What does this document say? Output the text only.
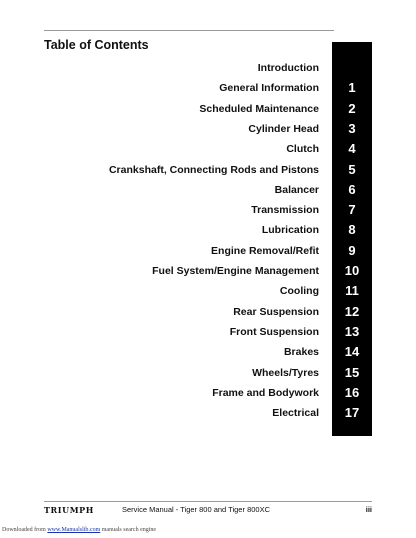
Table of Contents
Introduction
General Information	1
Scheduled Maintenance	2
Cylinder Head	3
Clutch	4
Crankshaft, Connecting Rods and Pistons	5
Balancer	6
Transmission	7
Lubrication	8
Engine Removal/Refit	9
Fuel System/Engine Management	10
Cooling	11
Rear Suspension	12
Front Suspension	13
Brakes	14
Wheels/Tyres	15
Frame and Bodywork	16
Electrical	17
TRIUMPH	Service Manual - Tiger 800 and Tiger 800XC	iii
Downloaded from www.Manualslib.com manuals search engine
